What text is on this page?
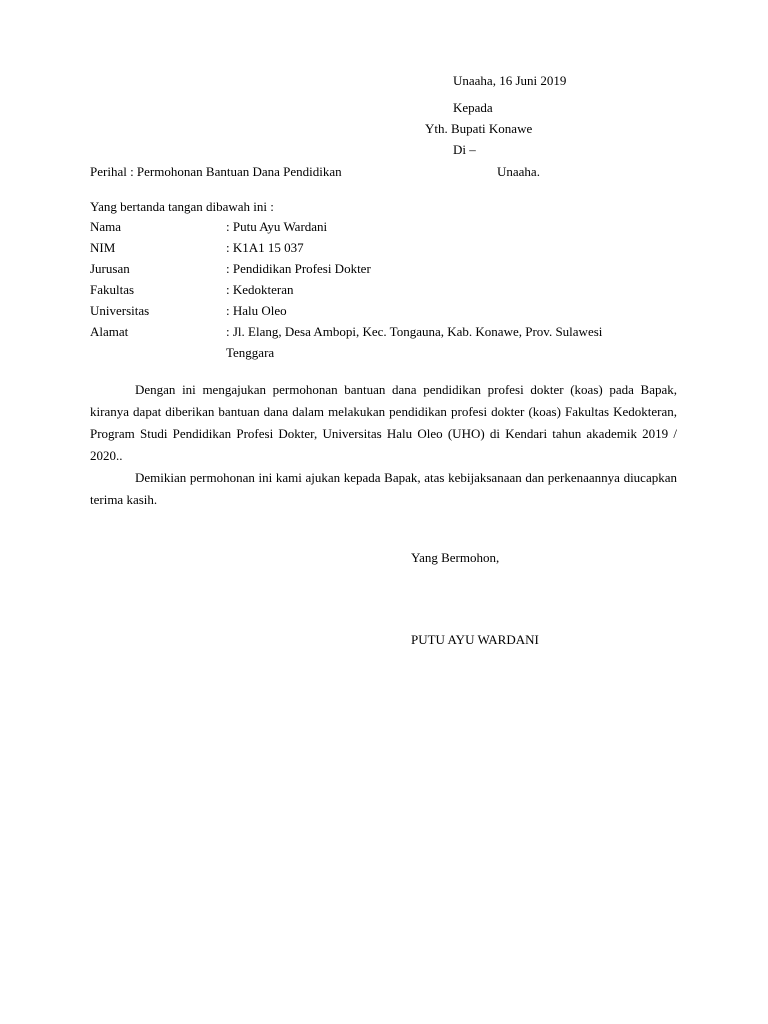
Unaaha, 16 Juni 2019
Kepada
Yth. Bupati Konawe
Di –
Perihal : Permohonan Bantuan Dana Pendidikan	Unaaha.
Yang bertanda tangan dibawah ini :
Nama	: Putu Ayu Wardani
NIM	: K1A1 15 037
Jurusan	: Pendidikan Profesi Dokter
Fakultas	: Kedokteran
Universitas	: Halu Oleo
Alamat	: Jl. Elang, Desa Ambopi, Kec. Tongauna, Kab. Konawe, Prov. Sulawesi
Tenggara

Dengan ini mengajukan permohonan bantuan dana pendidikan profesi dokter (koas) pada Bapak, kiranya dapat diberikan bantuan dana dalam melakukan pendidikan profesi dokter (koas) Fakultas Kedokteran, Program Studi Pendidikan Profesi Dokter, Universitas Halu Oleo (UHO) di Kendari tahun akademik 2019 / 2020..

Demikian permohonan ini kami ajukan kepada Bapak, atas kebijaksanaan dan perkenaannya diucapkan terima kasih.

Yang Bermohon,
PUTU AYU WARDANI
